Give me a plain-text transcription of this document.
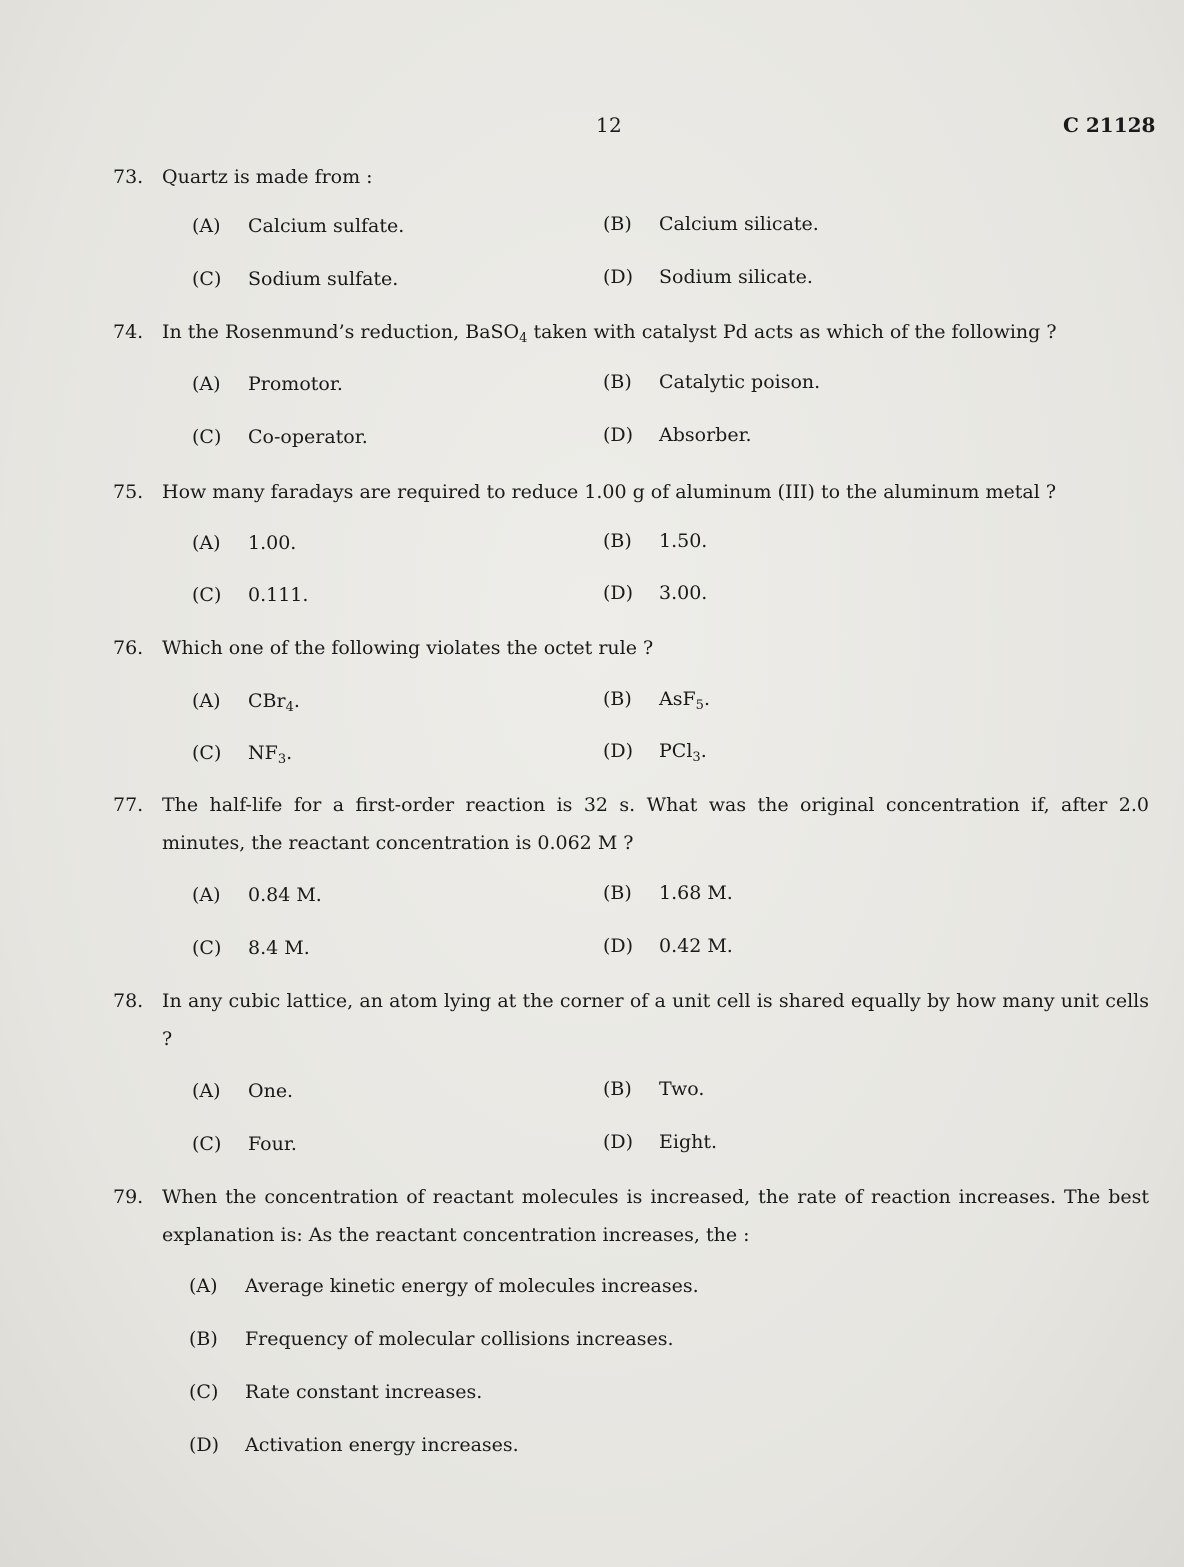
12	C 21128
73. Quartz is made from :
(A) Calcium sulfate.	(B) Calcium silicate.
(C) Sodium sulfate.	(D) Sodium silicate.
74. In the Rosenmund’s reduction, BaSO$_4$ taken with catalyst Pd acts as which of the following ?
(A) Promotor.	(B) Catalytic poison.
(C) Co-operator.	(D) Absorber.
75. How many faradays are required to reduce 1.00 g of aluminum (III) to the aluminum metal ?
(A) 1.00.	(B) 1.50.
(C) 0.111.	(D) 3.00.
76. Which one of the following violates the octet rule ?
(A) CBr$_4$.	(B) AsF$_5$.
(C) $NF_3$.	(D) PCl$_3$.
77. The half-life for a first-order reaction is 32 s. What was the original concentration if, after 2.0 minutes, the reactant concentration is 0.062 M ?
(A) 0.84 M.	(B) 1.68 M.
(C) 8.4 M.	(D) 0.42 M.
78. In any cubic lattice, an atom lying at the corner of a unit cell is shared equally by how many unit cells ?
(A) One.	(B) Two.
(C) Four.	(D) Eight.
79. When the concentration of reactant molecules is increased, the rate of reaction increases. The best explanation is: As the reactant concentration increases, the :
(A) Average kinetic energy of molecules increases.
(B) Frequency of molecular collisions increases.
(C) Rate constant increases.
(D) Activation energy increases.
